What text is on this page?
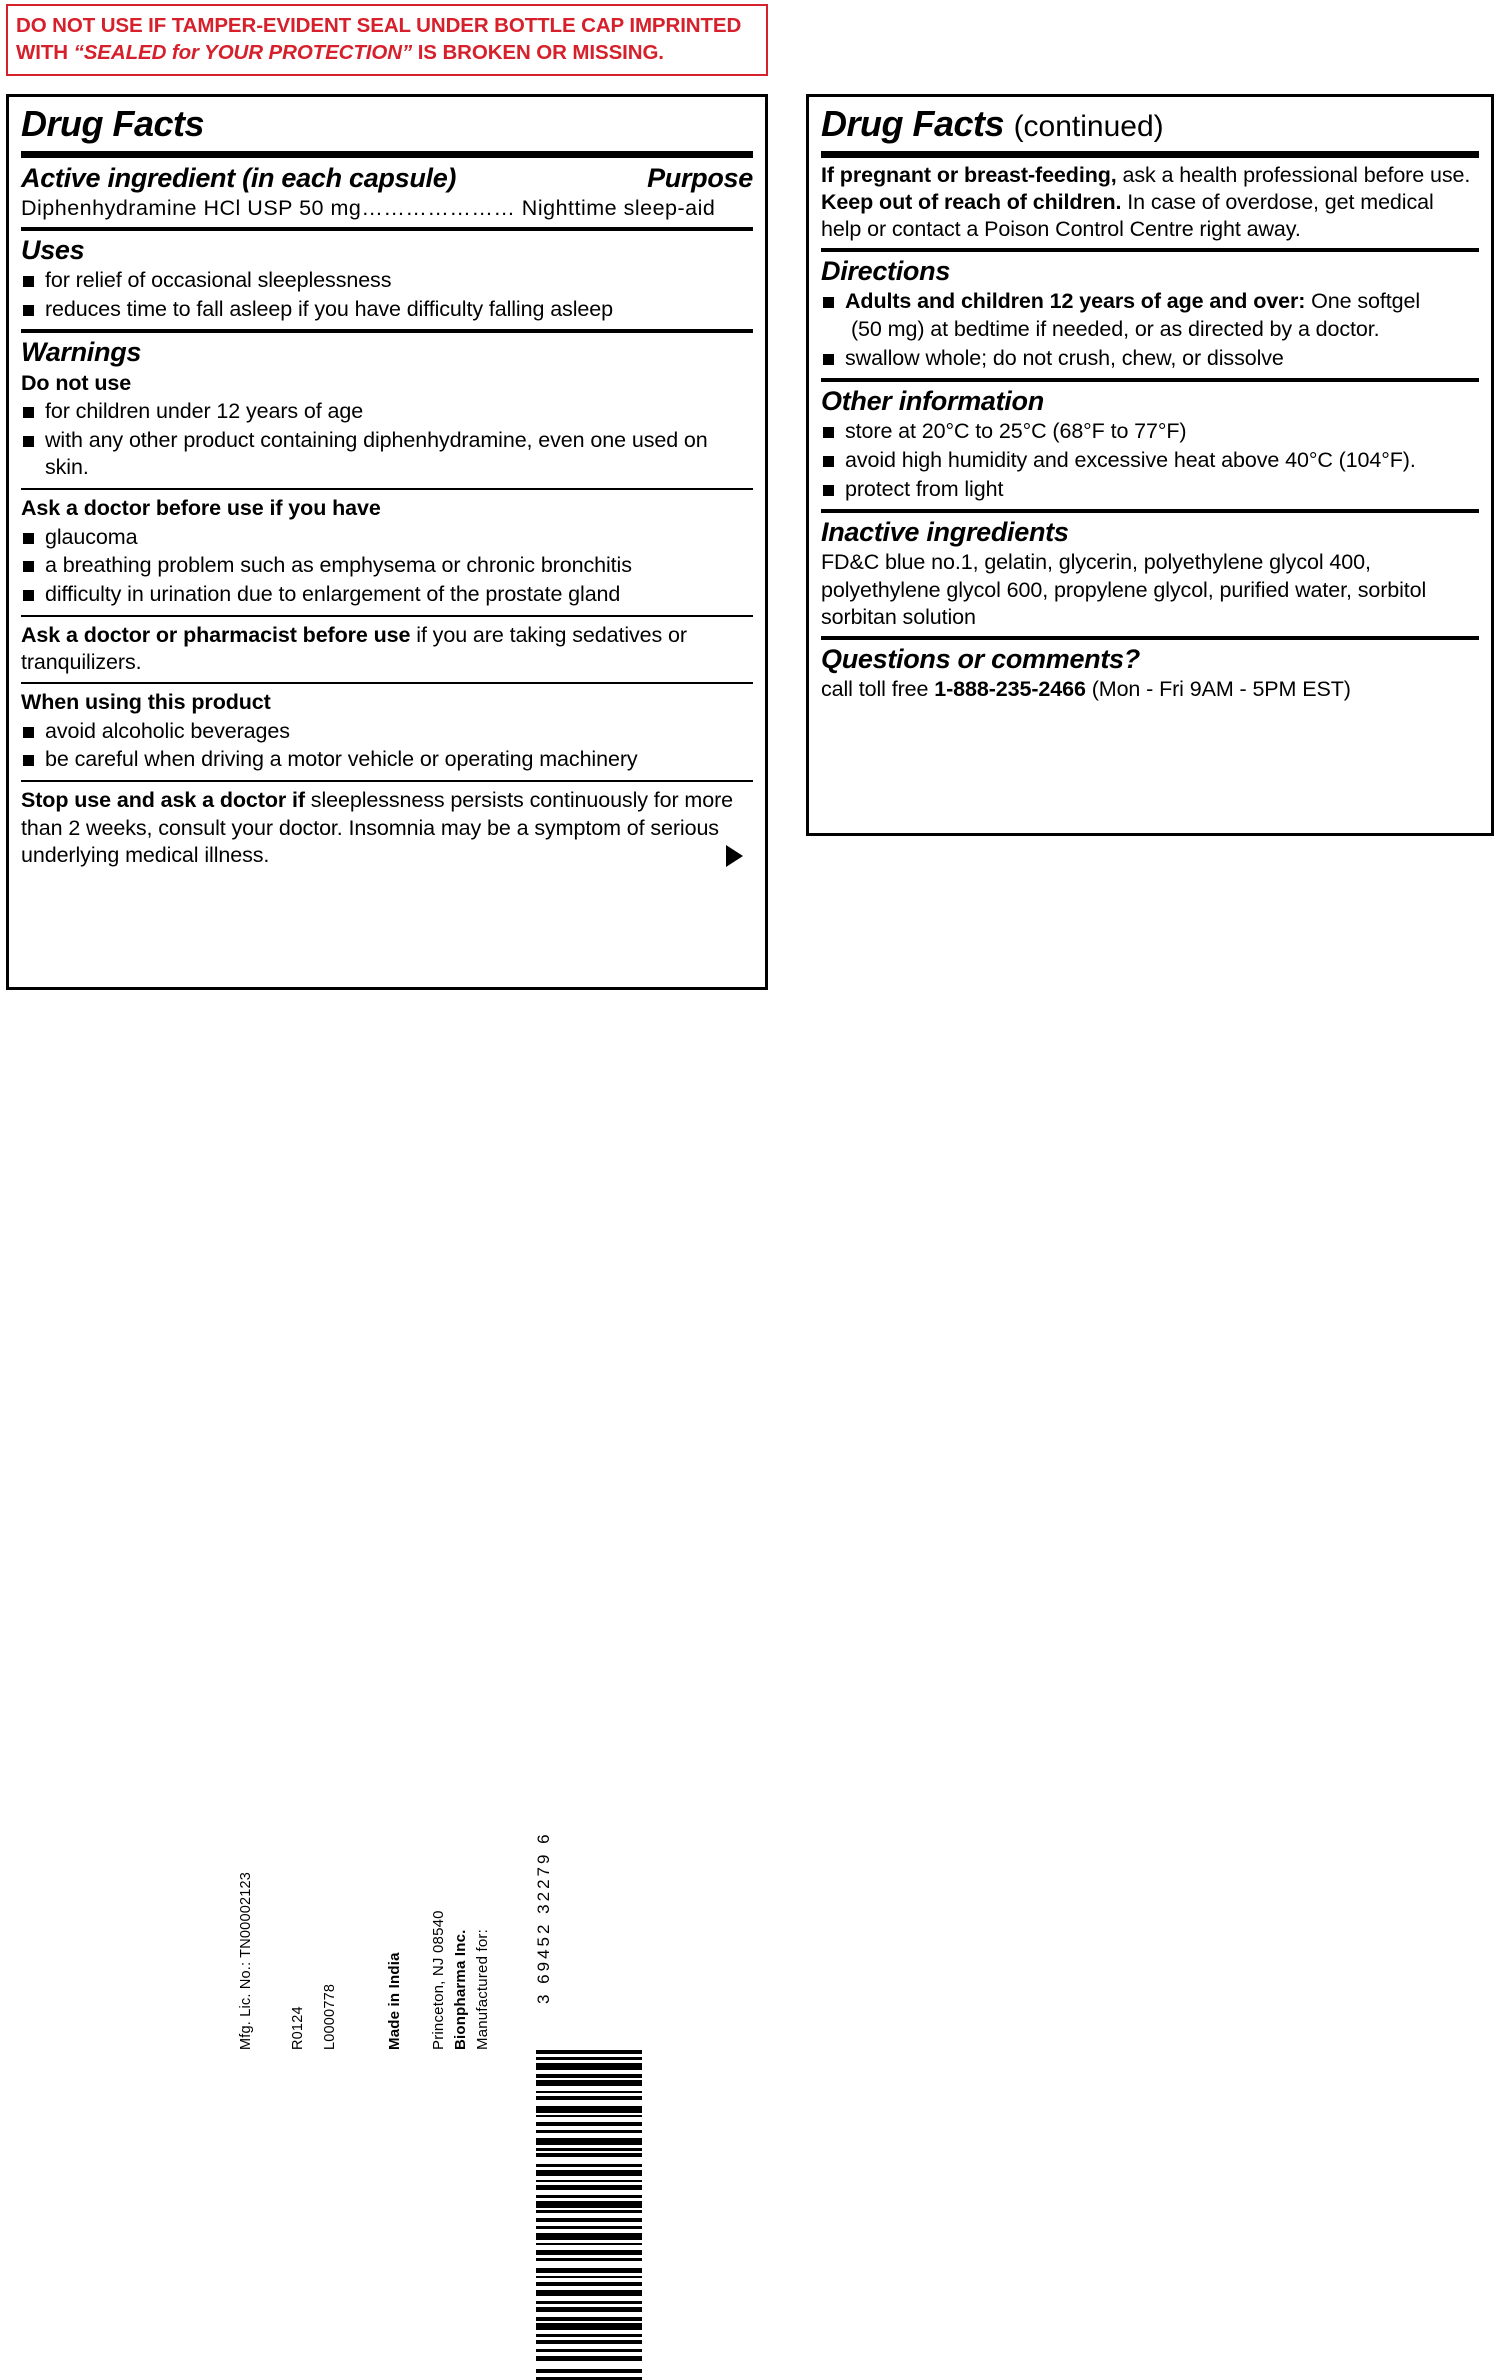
DO NOT USE IF TAMPER-EVIDENT SEAL UNDER BOTTLE CAP IMPRINTED
WITH “SEALED for YOUR PROTECTION” IS BROKEN OR MISSING.
Drug Facts
Active ingredient (in each capsule)	Purpose
Diphenhydramine HCl USP 50 mg………………… Nighttime sleep-aid
Uses
for relief of occasional sleeplessness
reduces time to fall asleep if you have difficulty falling asleep
Warnings
Do not use
for children under 12 years of age
with any other product containing diphenhydramine, even one used on skin.
Ask a doctor before use if you have
glaucoma
a breathing problem such as emphysema or chronic bronchitis
difficulty in urination due to enlargement of the prostate gland
Ask a doctor or pharmacist before use if you are taking sedatives or tranquilizers.
When using this product
avoid alcoholic beverages
be careful when driving a motor vehicle or operating machinery
Stop use and ask a doctor if sleeplessness persists continuously for more than 2 weeks, consult your doctor. Insomnia may be a symptom of serious underlying medical illness.
Drug Facts (continued)
If pregnant or breast-feeding, ask a health professional before use. Keep out of reach of children. In case of overdose, get medical help or contact a Poison Control Centre right away.
Directions
Adults and children 12 years of age and over: One softgel
(50 mg) at bedtime if needed, or as directed by a doctor.
swallow whole; do not crush, chew, or dissolve
Other information
store at 20°C to 25°C (68°F to 77°F)
avoid high humidity and excessive heat above 40°C (104°F).
protect from light
Inactive ingredients
FD&C blue no.1, gelatin, glycerin, polyethylene glycol 400, polyethylene glycol 600, propylene glycol, purified water, sorbitol sorbitan solution
Questions or comments?
call toll free 1-888-235-2466 (Mon - Fri 9AM - 5PM EST)
Mfg. Lic. No.: TN00002123	L0000778
R0124	Made in India Princeton, NJ 08540 Bionpharma Inc. Manufactured for:	3 69452 32279 6
